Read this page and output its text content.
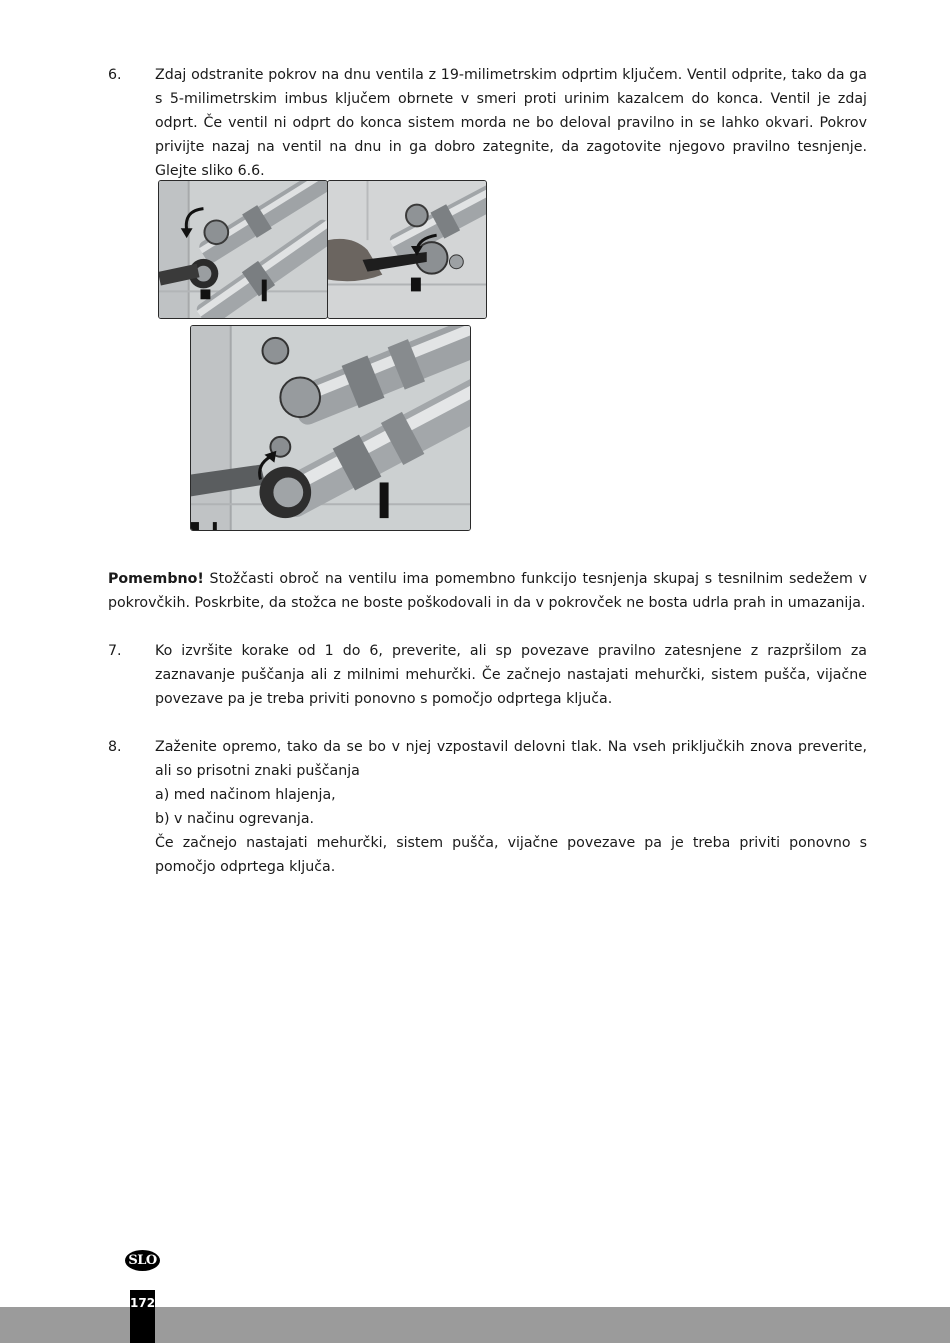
6. Zdaj odstranite pokrov na dnu ventila z 19-milimetrskim odprtim ključem. Ventil odprite, tako da ga s 5-milimetrskim imbus ključem obrnete v smeri proti urinim kazalcem do konca. Ventil je zdaj odprt. Če ventil ni odprt do konca sistem morda ne bo deloval pravilno in se lahko okvari. Pokrov privijte nazaj na ventil na dnu in ga dobro zategnite, da zagotovite njegovo pravilno tesnjenje. Glejte sliko 6.6.

Pomembno! Stožčasti obroč na ventilu ima pomembno funkcijo tesnjenja skupaj s tesnilnim sedežem v pokrovčkih. Poskrbite, da stožca ne boste poškodovali in da v pokrovček ne bosta udrla prah in umazanija.
7. Ko izvršite korake od 1 do 6, preverite, ali sp povezave pravilno zatesnjene z razpršilom za zaznavanje puščanja ali z milnimi mehurčki. Če začnejo nastajati mehurčki, sistem pušča, vijačne povezave pa je treba priviti ponovno s pomočjo odprtega ključa.

8. Zaženite opremo, tako da se bo v njej vzpostavil delovni tlak. Na vseh priključkih znova preverite, ali so prisotni znaki puščanja

a) med načinom hlajenja,

b) v načinu ogrevanja.

Če začnejo nastajati mehurčki, sistem pušča, vijačne povezave pa je treba priviti ponovno s pomočjo odprtega ključa.

SLO
172
